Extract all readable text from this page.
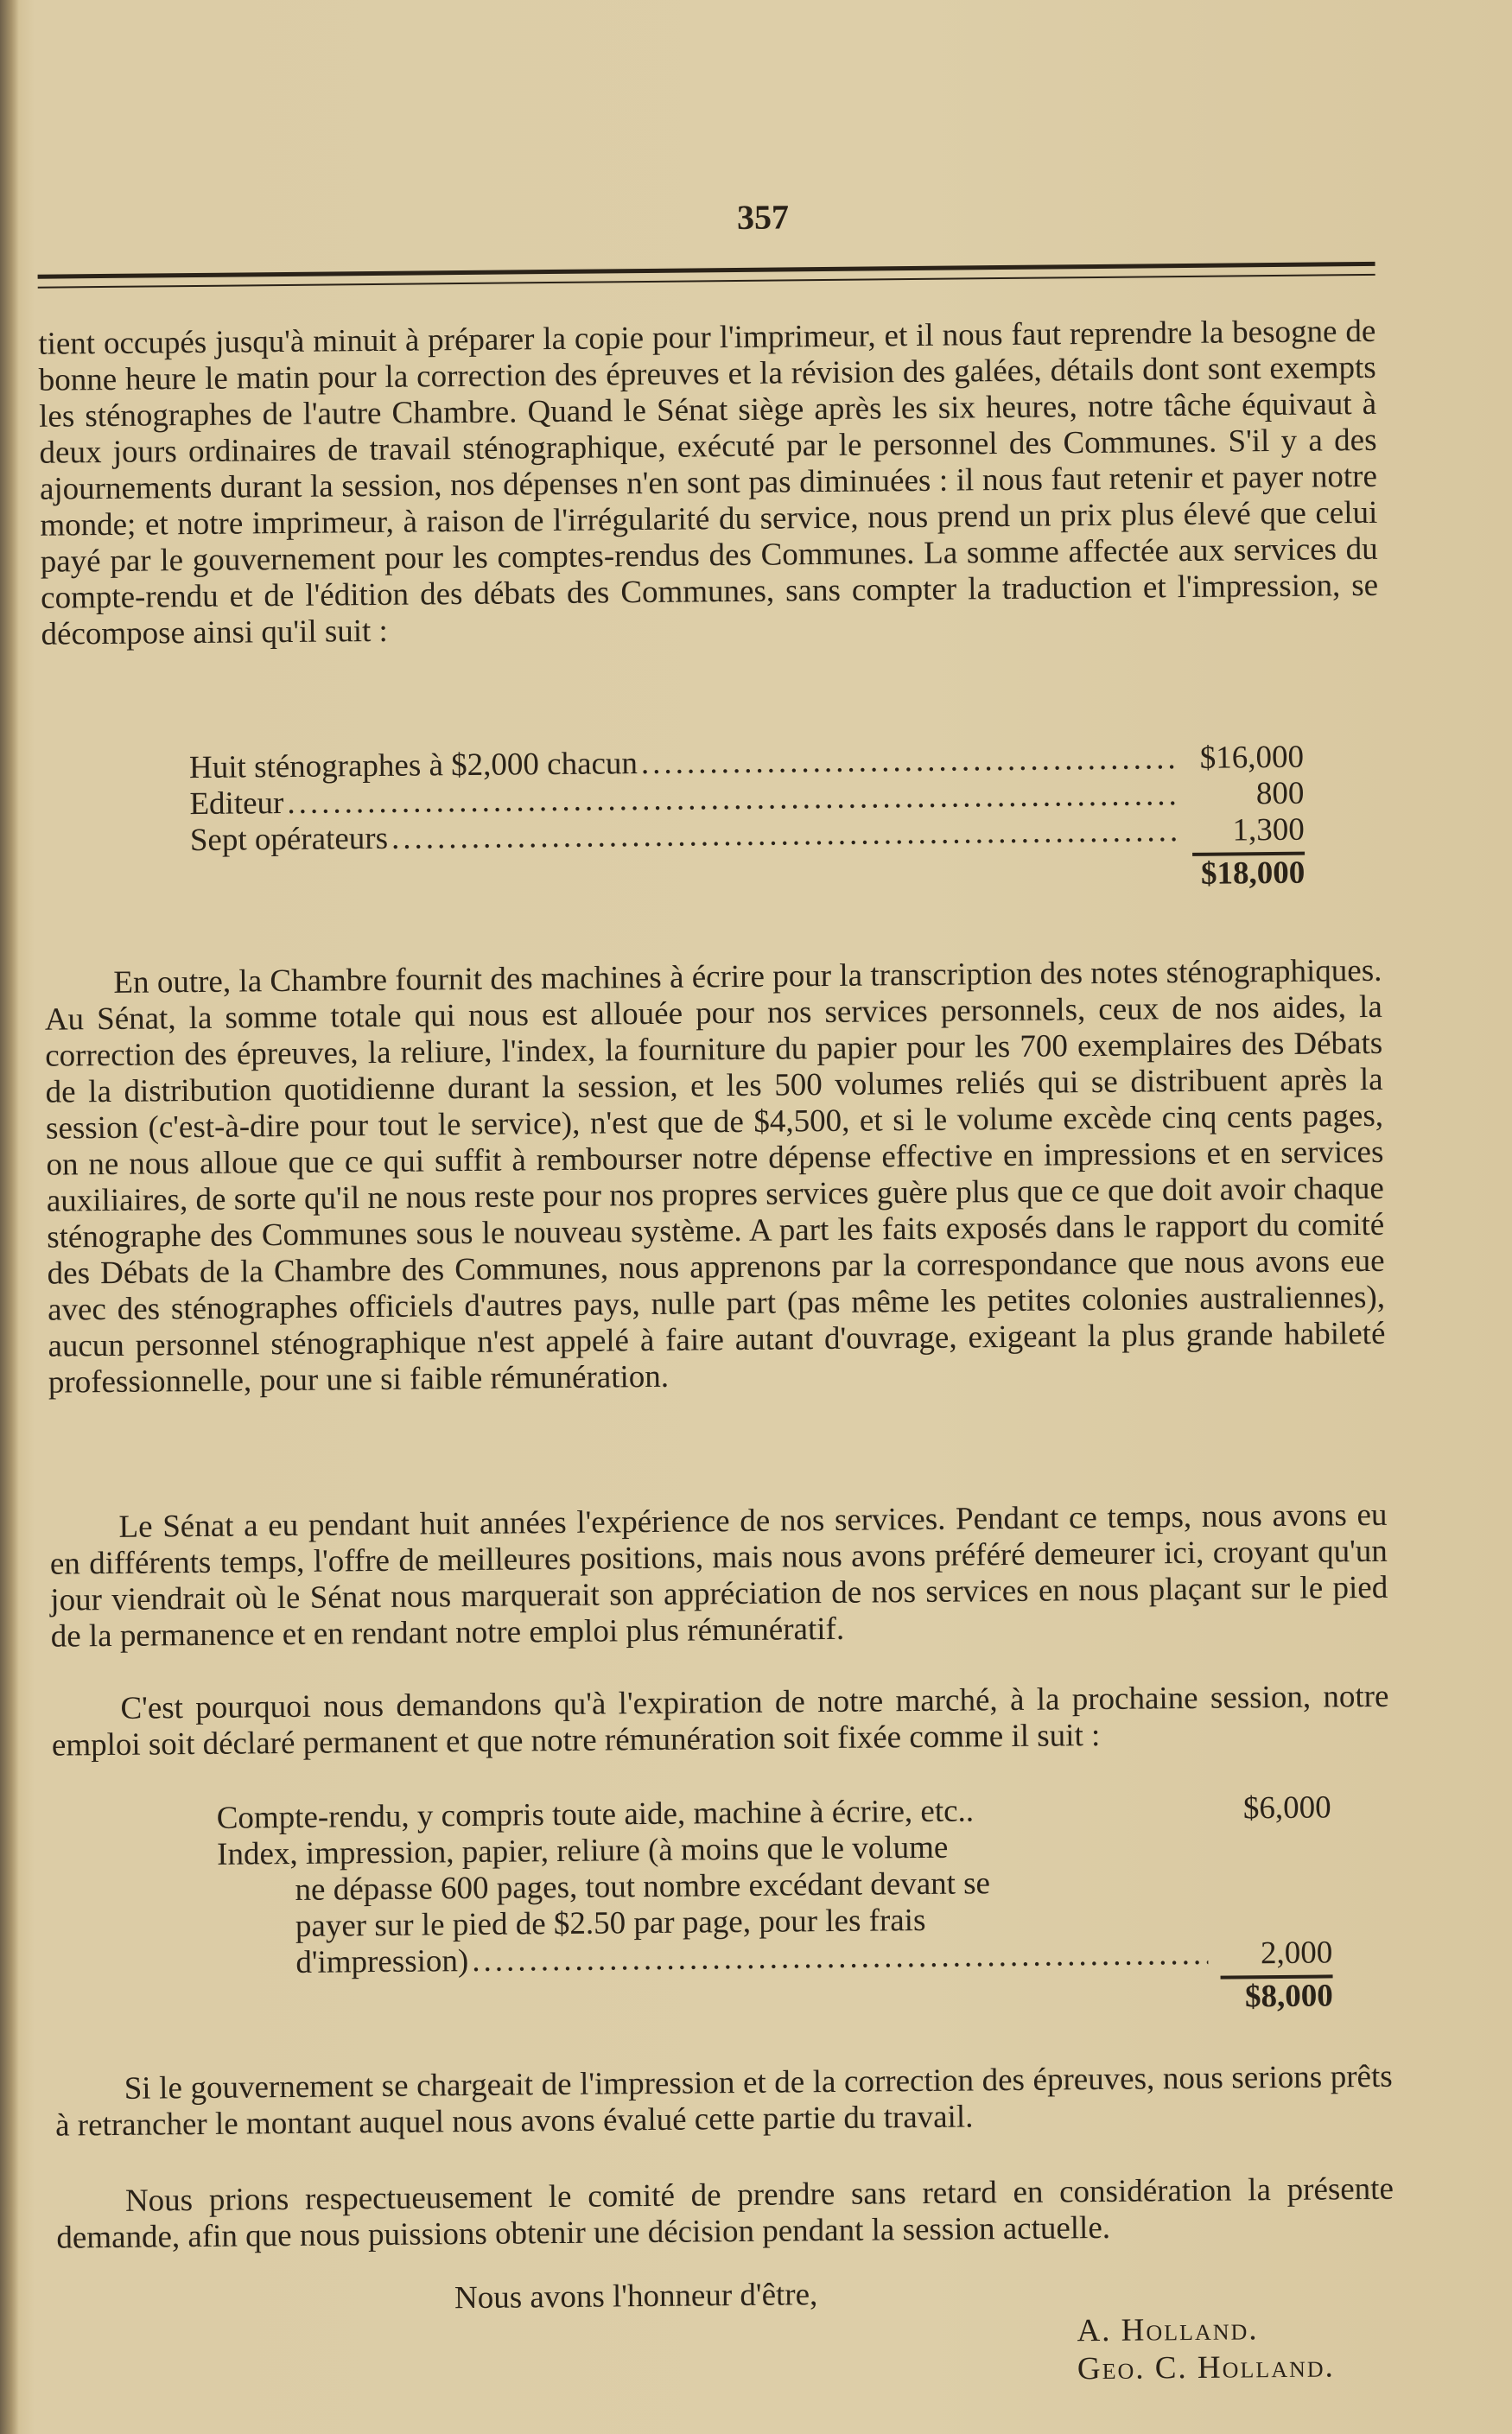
357

tient occupés jusqu'à minuit à préparer la copie pour l'imprimeur, et il nous faut reprendre la besogne de bonne heure le matin pour la correction des épreuves et la révision des galées, détails dont sont exempts les sténographes de l'autre Chambre. Quand le Sénat siège après les six heures, notre tâche équivaut à deux jours ordinaires de travail sténographique, exécuté par le personnel des Communes. S'il y a des ajournements durant la session, nos dépenses n'en sont pas diminuées : il nous faut retenir et payer notre monde; et notre imprimeur, à raison de l'irrégularité du service, nous prend un prix plus élevé que celui payé par le gouvernement pour les comptes-rendus des Communes. La somme affectée aux services du compte-rendu et de l'édition des débats des Communes, sans compter la traduction et l'impression, se décompose ainsi qu'il suit :

Huit sténographes à $2,000 chacun .....	$16,000
Editeur .....	800
Sept opérateurs .....	1,300
$18,000

En outre, la Chambre fournit des machines à écrire pour la transcription des notes sténographiques. Au Sénat, la somme totale qui nous est allouée pour nos services personnels, ceux de nos aides, la correction des épreuves, la reliure, l'index, la fourniture du papier pour les 700 exemplaires des Débats de la distribution quotidienne durant la session, et les 500 volumes reliés qui se distribuent après la session (c'est-à-dire pour tout le service), n'est que de $4,500, et si le volume excède cinq cents pages, on ne nous alloue que ce qui suffit à rembourser notre dépense effective en impressions et en services auxiliaires, de sorte qu'il ne nous reste pour nos propres services guère plus que ce que doit avoir chaque sténographe des Communes sous le nouveau système. A part les faits exposés dans le rapport du comité des Débats de la Chambre des Communes, nous apprenons par la correspondance que nous avons eue avec des sténographes officiels d'autres pays, nulle part (pas même les petites colonies australiennes), aucun personnel sténographique n'est appelé à faire autant d'ouvrage, exigeant la plus grande habileté professionnelle, pour une si faible rémunération.

Le Sénat a eu pendant huit années l'expérience de nos services. Pendant ce temps, nous avons eu en différents temps, l'offre de meilleures positions, mais nous avons préféré demeurer ici, croyant qu'un jour viendrait où le Sénat nous marquerait son appréciation de nos services en nous plaçant sur le pied de la permanence et en rendant notre emploi plus rémunératif.

C'est pourquoi nous demandons qu'à l'expiration de notre marché, à la prochaine session, notre emploi soit déclaré permanent et que notre rémunération soit fixée comme il suit :

Compte-rendu, y compris toute aide, machine à écrire, etc..	$6,000
Index, impression, papier, reliure (à moins que le volume
ne dépasse 600 pages, tout nombre excédant devant se
payer sur le pied de $2.50 par page, pour les frais
d'impression) .....	2,000
$8,000

Si le gouvernement se chargeait de l'impression et de la correction des épreuves, nous serions prêts à retrancher le montant auquel nous avons évalué cette partie du travail.

Nous prions respectueusement le comité de prendre sans retard en considération la présente demande, afin que nous puissions obtenir une décision pendant la session actuelle.

Nous avons l'honneur d'être,
A. Holland.
Geo. C. Holland.
